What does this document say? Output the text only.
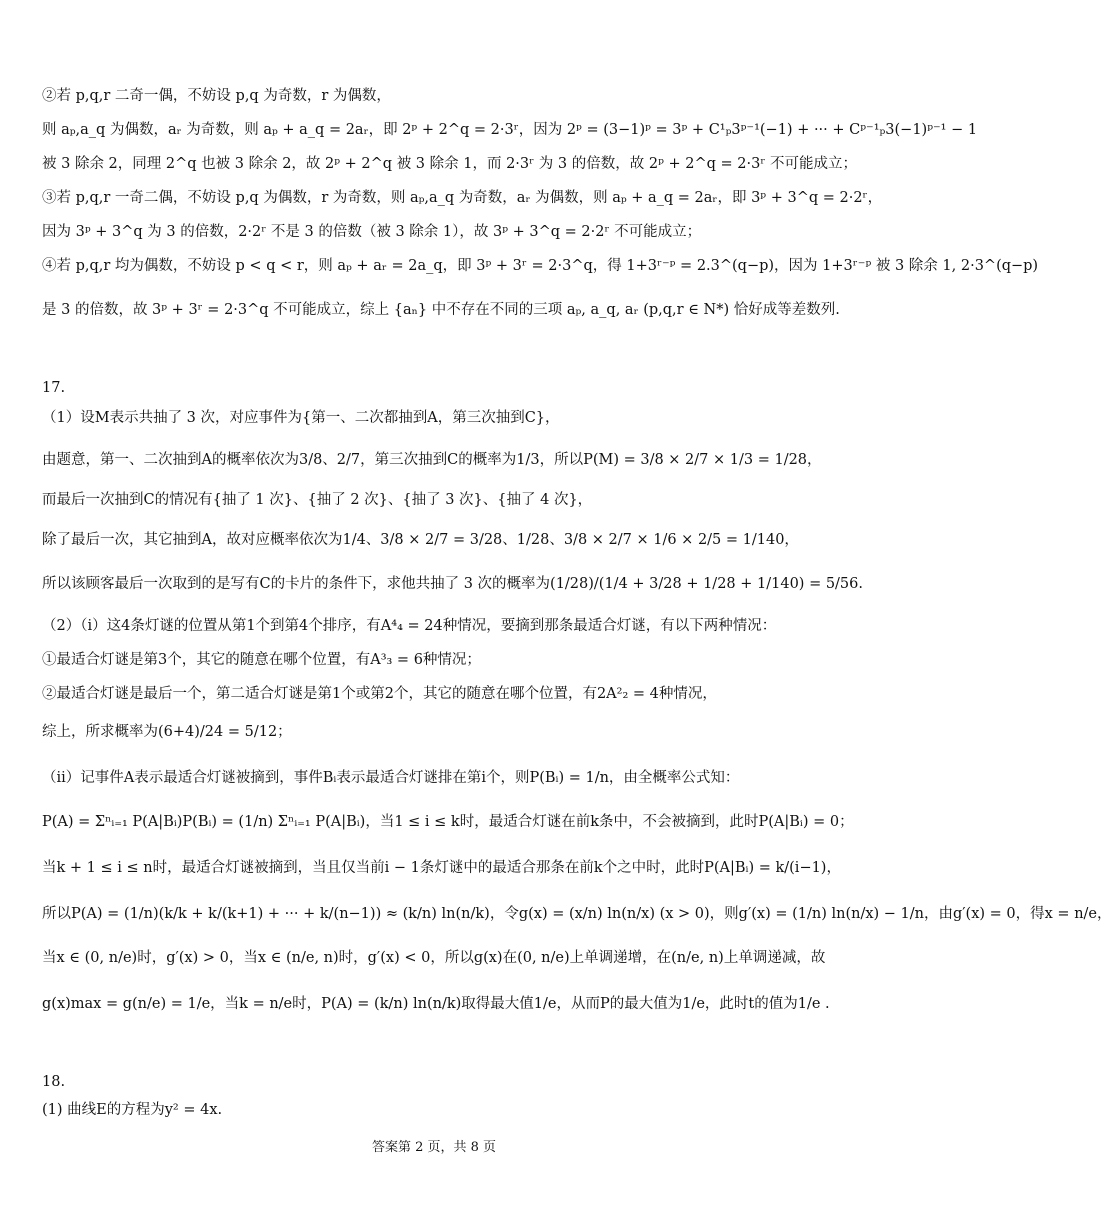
②若 p,q,r 二奇一偶，不妨设 p,q 为奇数，r 为偶数，
则 aₚ,a_q 为偶数，aᵣ 为奇数，则 aₚ + a_q = 2aᵣ，即 2ᵖ + 2^q = 2·3ʳ，因为 2ᵖ = (3−1)ᵖ = 3ᵖ + C¹ₚ3ᵖ⁻¹(−1) + ··· + Cᵖ⁻¹ₚ3(−1)ᵖ⁻¹ − 1
被 3 除余 2，同理 2^q 也被 3 除余 2，故 2ᵖ + 2^q 被 3 除余 1，而 2·3ʳ 为 3 的倍数，故 2ᵖ + 2^q = 2·3ʳ 不可能成立；
③若 p,q,r 一奇二偶，不妨设 p,q 为偶数，r 为奇数，则 aₚ,a_q 为奇数，aᵣ 为偶数，则 aₚ + a_q = 2aᵣ，即 3ᵖ + 3^q = 2·2ʳ，
因为 3ᵖ + 3^q 为 3 的倍数，2·2ʳ 不是 3 的倍数（被 3 除余 1），故 3ᵖ + 3^q = 2·2ʳ 不可能成立；
④若 p,q,r 均为偶数，不妨设 p < q < r，则 aₚ + aᵣ = 2a_q，即 3ᵖ + 3ʳ = 2·3^q，得 1+3ʳ⁻ᵖ = 2.3^(q−p)，因为 1+3ʳ⁻ᵖ 被 3 除余 1, 2·3^(q−p)
是 3 的倍数，故 3ᵖ + 3ʳ = 2·3^q 不可能成立，综上 {aₙ} 中不存在不同的三项 aₚ, a_q, aᵣ (p,q,r ∈ N*) 恰好成等差数列.
17.
（1）设M表示共抽了 3 次，对应事件为{第一、二次都抽到A，第三次抽到C}，
由题意，第一、二次抽到A的概率依次为3/8、2/7，第三次抽到C的概率为1/3，所以P(M) = 3/8 × 2/7 × 1/3 = 1/28，
而最后一次抽到C的情况有{抽了 1 次}、{抽了 2 次}、{抽了 3 次}、{抽了 4 次}，
除了最后一次，其它抽到A，故对应概率依次为1/4、3/8 × 2/7 = 3/28、1/28、3/8 × 2/7 × 1/6 × 2/5 = 1/140，
所以该顾客最后一次取到的是写有C的卡片的条件下，求他共抽了 3 次的概率为(1/28)/(1/4 + 3/28 + 1/28 + 1/140) = 5/56.
（2）（i）这4条灯谜的位置从第1个到第4个排序，有A⁴₄ = 24种情况，要摘到那条最适合灯谜，有以下两种情况：
①最适合灯谜是第3个，其它的随意在哪个位置，有A³₃ = 6种情况；
②最适合灯谜是最后一个，第二适合灯谜是第1个或第2个，其它的随意在哪个位置，有2A²₂ = 4种情况，
综上，所求概率为(6+4)/24 = 5/12；
（ii）记事件A表示最适合灯谜被摘到，事件Bᵢ表示最适合灯谜排在第i个，则P(Bᵢ) = 1/n，由全概率公式知：
P(A) = Σⁿᵢ₌₁ P(A|Bᵢ)P(Bᵢ) = (1/n) Σⁿᵢ₌₁ P(A|Bᵢ)，当1 ≤ i ≤ k时，最适合灯谜在前k条中，不会被摘到，此时P(A|Bᵢ) = 0；
当k + 1 ≤ i ≤ n时，最适合灯谜被摘到，当且仅当前i − 1条灯谜中的最适合那条在前k个之中时，此时P(A|Bᵢ) = k/(i−1)，
所以P(A) = (1/n)(k/k + k/(k+1) + ··· + k/(n−1)) ≈ (k/n) ln(n/k)，令g(x) = (x/n) ln(n/x) (x > 0)，则g′(x) = (1/n) ln(n/x) − 1/n，由g′(x) = 0，得x = n/e，
当x ∈ (0, n/e)时，g′(x) > 0，当x ∈ (n/e, n)时，g′(x) < 0，所以g(x)在(0, n/e)上单调递增，在(n/e, n)上单调递减，故
g(x)max = g(n/e) = 1/e，当k = n/e时，P(A) = (k/n) ln(n/k)取得最大值1/e，从而P的最大值为1/e，此时t的值为1/e .
18.
(1) 曲线E的方程为y² = 4x.
答案第 2 页，共 8 页
